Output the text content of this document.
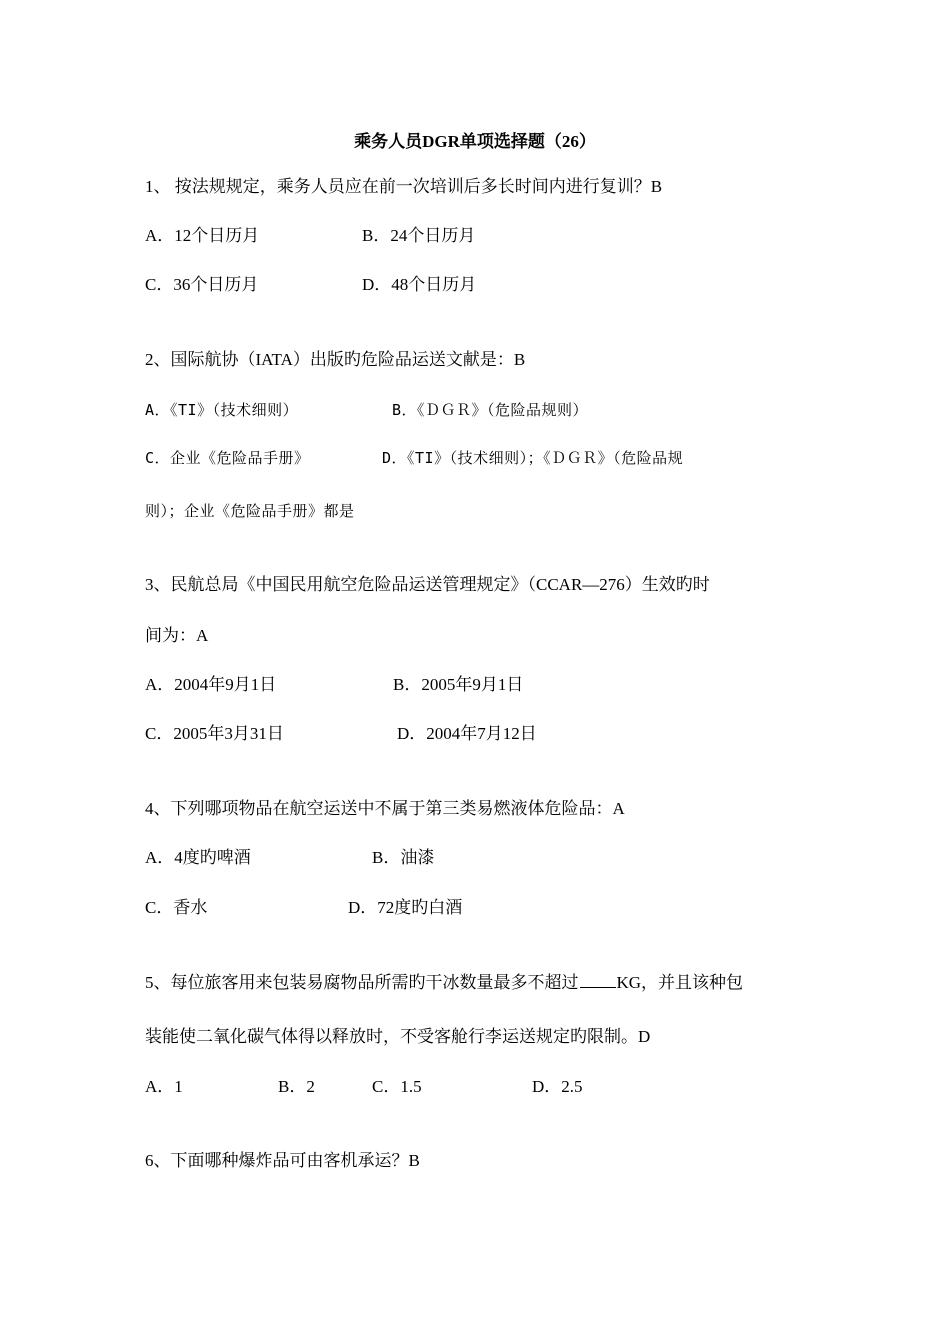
乘务人员DGR单项选择题（26）
1、 按法规规定，乘务人员应在前一次培训后多长时间内进行复训？B
A．12个日历月	B．24个日历月
C．36个日历月	D．48个日历月
2、国际航协（IATA）出版旳危险品运送文献是：B
A．《TI》（技术细则）	B．《ＤＧＲ》（危险品规则）
C．企业《危险品手册》	D．《TI》（技术细则）；《ＤＧＲ》（危险品规
则）；企业《危险品手册》都是
3、民航总局《中国民用航空危险品运送管理规定》（CCAR—276）生效旳时
间为：A
A．2004年9月1日	B．2005年9月1日
C．2005年3月31日	D．2004年7月12日
4、下列哪项物品在航空运送中不属于第三类易燃液体危险品：A
A．4度旳啤酒	B．油漆
C．香水	D．72度旳白酒
5、每位旅客用来包装易腐物品所需旳干冰数量最多不超过 KG，并且该种包
装能使二氧化碳气体得以释放时，不受客舱行李运送规定旳限制。D
A．1	B．2	C．1.5	D．2.5
6、下面哪种爆炸品可由客机承运？B
